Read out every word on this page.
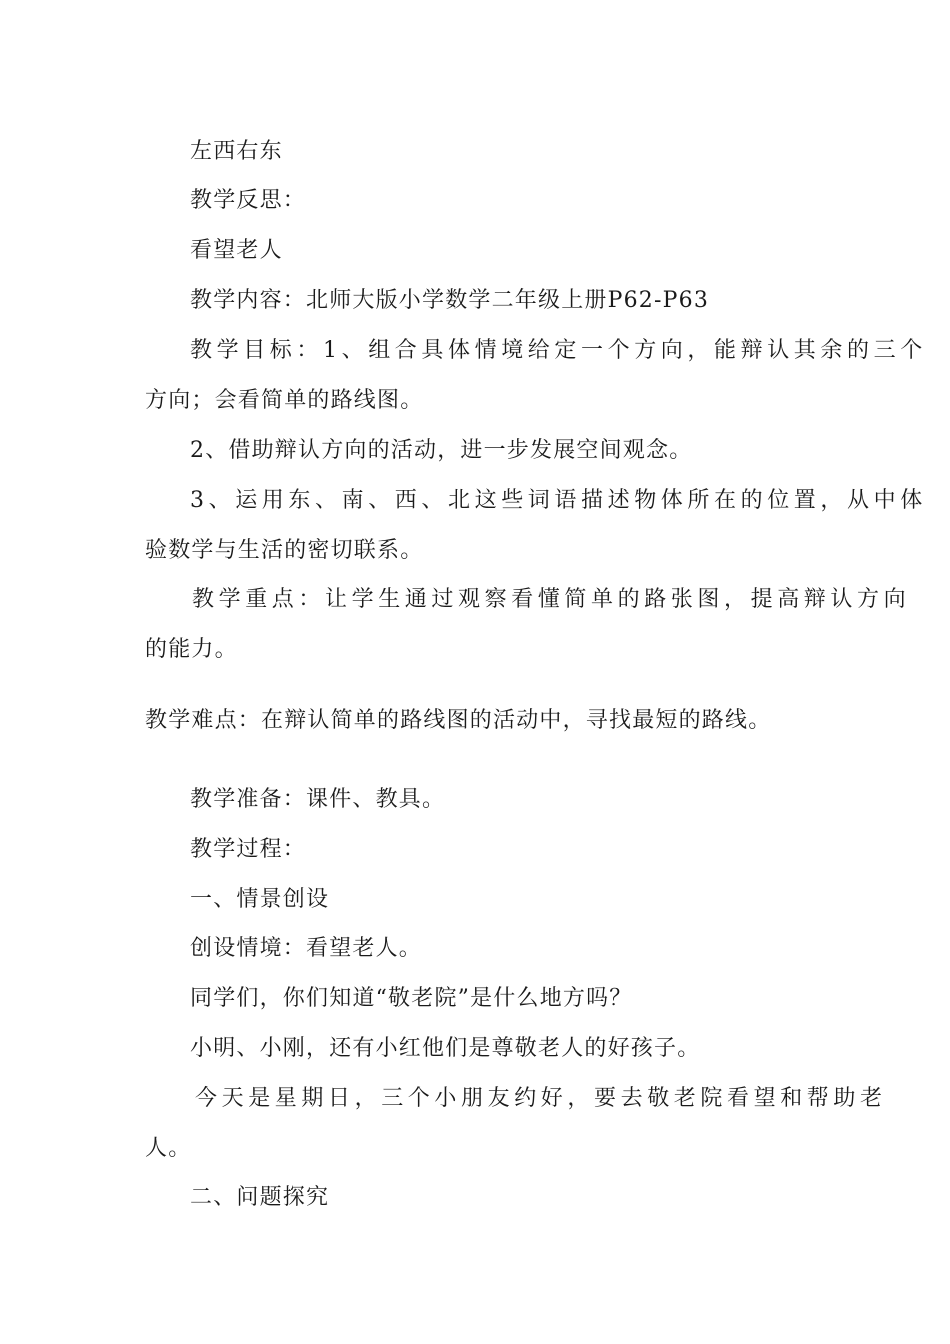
左西右东
教学反思：
看望老人
教学内容：北师大版小学数学二年级上册P62-P63
教学目标：1、组合具体情境给定一个方向，能辩认其余的三个
方向；会看简单的路线图。
2、借助辩认方向的活动，进一步发展空间观念。
3、运用东、南、西、北这些词语描述物体所在的位置，从中体
验数学与生活的密切联系。
教学重点：让学生通过观察看懂简单的路张图，提高辩认方向
的能力。
教学难点：在辩认简单的路线图的活动中，寻找最短的路线。
教学准备：课件、教具。
教学过程：
一、情景创设
创设情境：看望老人。
同学们，你们知道“敬老院”是什么地方吗？
小明、小刚，还有小红他们是尊敬老人的好孩子。
今天是星期日，三个小朋友约好，要去敬老院看望和帮助老
人。
二、问题探究
